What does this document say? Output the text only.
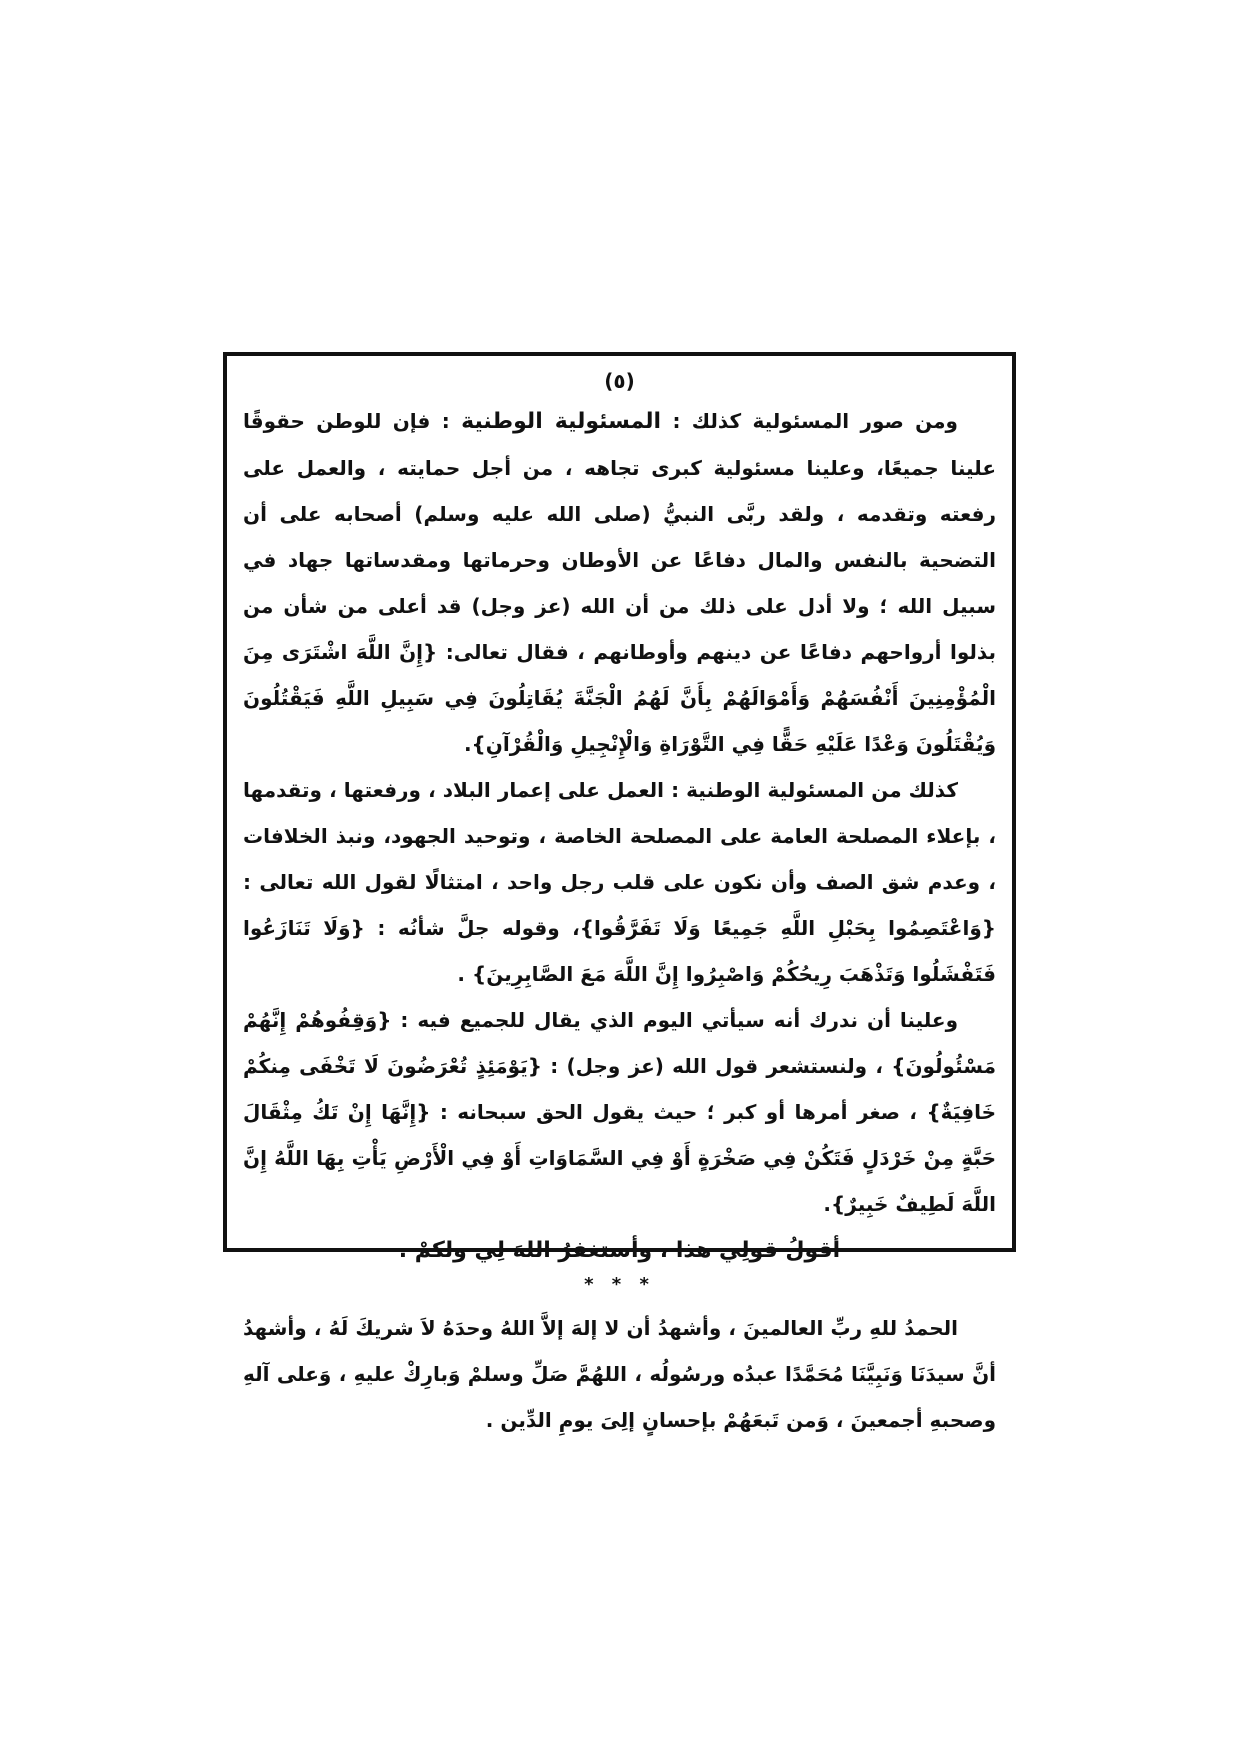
(٥)

ومن صور المسئولية كذلك : المسئولية الوطنية : فإن للوطن حقوقًا علينا جميعًا، وعلينا مسئولية كبرى تجاهه ، من أجل حمايته ، والعمل على رفعته وتقدمه ، ولقد ربَّى النبيُّ (صلى الله عليه وسلم) أصحابه على أن التضحية بالنفس والمال دفاعًا عن الأوطان وحرماتها ومقدساتها جهاد في سبيل الله ؛ ولا أدل على ذلك من أن الله (عز وجل) قد أعلى من شأن من بذلوا أرواحهم دفاعًا عن دينهم وأوطانهم ، فقال تعالى: {إِنَّ اللَّهَ اشْتَرَى مِنَ الْمُؤْمِنِينَ أَنْفُسَهُمْ وَأَمْوَالَهُمْ بِأَنَّ لَهُمُ الْجَنَّةَ يُقَاتِلُونَ فِي سَبِيلِ اللَّهِ فَيَقْتُلُونَ وَيُقْتَلُونَ وَعْدًا عَلَيْهِ حَقًّا فِي التَّوْرَاةِ وَالْإِنْجِيلِ وَالْقُرْآنِ}.

كذلك من المسئولية الوطنية : العمل على إعمار البلاد ، ورفعتها ، وتقدمها ، بإعلاء المصلحة العامة على المصلحة الخاصة ، وتوحيد الجهود، ونبذ الخلافات ، وعدم شق الصف وأن نكون على قلب رجل واحد ، امتثالًا لقول الله تعالى : {وَاعْتَصِمُوا بِحَبْلِ اللَّهِ جَمِيعًا وَلَا تَفَرَّقُوا}، وقوله جلَّ شأنُه : {وَلَا تَنَازَعُوا فَتَفْشَلُوا وَتَذْهَبَ رِيحُكُمْ وَاصْبِرُوا إِنَّ اللَّهَ مَعَ الصَّابِرِينَ} .

وعلينا أن ندرك أنه سيأتي اليوم الذي يقال للجميع فيه : {وَقِفُوهُمْ إِنَّهُمْ مَسْئُولُونَ} ، ولنستشعر قول الله (عز وجل) : {يَوْمَئِذٍ تُعْرَضُونَ لَا تَخْفَى مِنكُمْ خَافِيَةٌ} ، صغر أمرها أو كبر ؛ حيث يقول الحق سبحانه : {إِنَّهَا إِنْ تَكُ مِثْقَالَ حَبَّةٍ مِنْ خَرْدَلٍ فَتَكُنْ فِي صَخْرَةٍ أَوْ فِي السَّمَاوَاتِ أَوْ فِي الْأَرْضِ يَأْتِ بِهَا اللَّهُ إِنَّ اللَّهَ لَطِيفٌ خَبِيرٌ}.

أقولُ قولِي هذا ، وأستغفرُ اللهَ لِي ولكمْ .

* * *

الحمدُ للهِ ربِّ العالمينَ ، وأشهدُ أن لا إلهَ إلاَّ اللهُ وحدَهُ لاَ شريكَ لَهُ ، وأشهدُ أنَّ سيدَنَا وَنَبِيَّنَا مُحَمَّدًا عبدُه ورسُولُه ، اللهُمَّ صَلِّ وسلمْ وَبارِكْ عليهِ ، وَعلى آلهِ وصحبهِ أجمعينَ ، وَمن تَبعَهُمْ بإحسانٍ إلِىَ يومِ الدِّين .
